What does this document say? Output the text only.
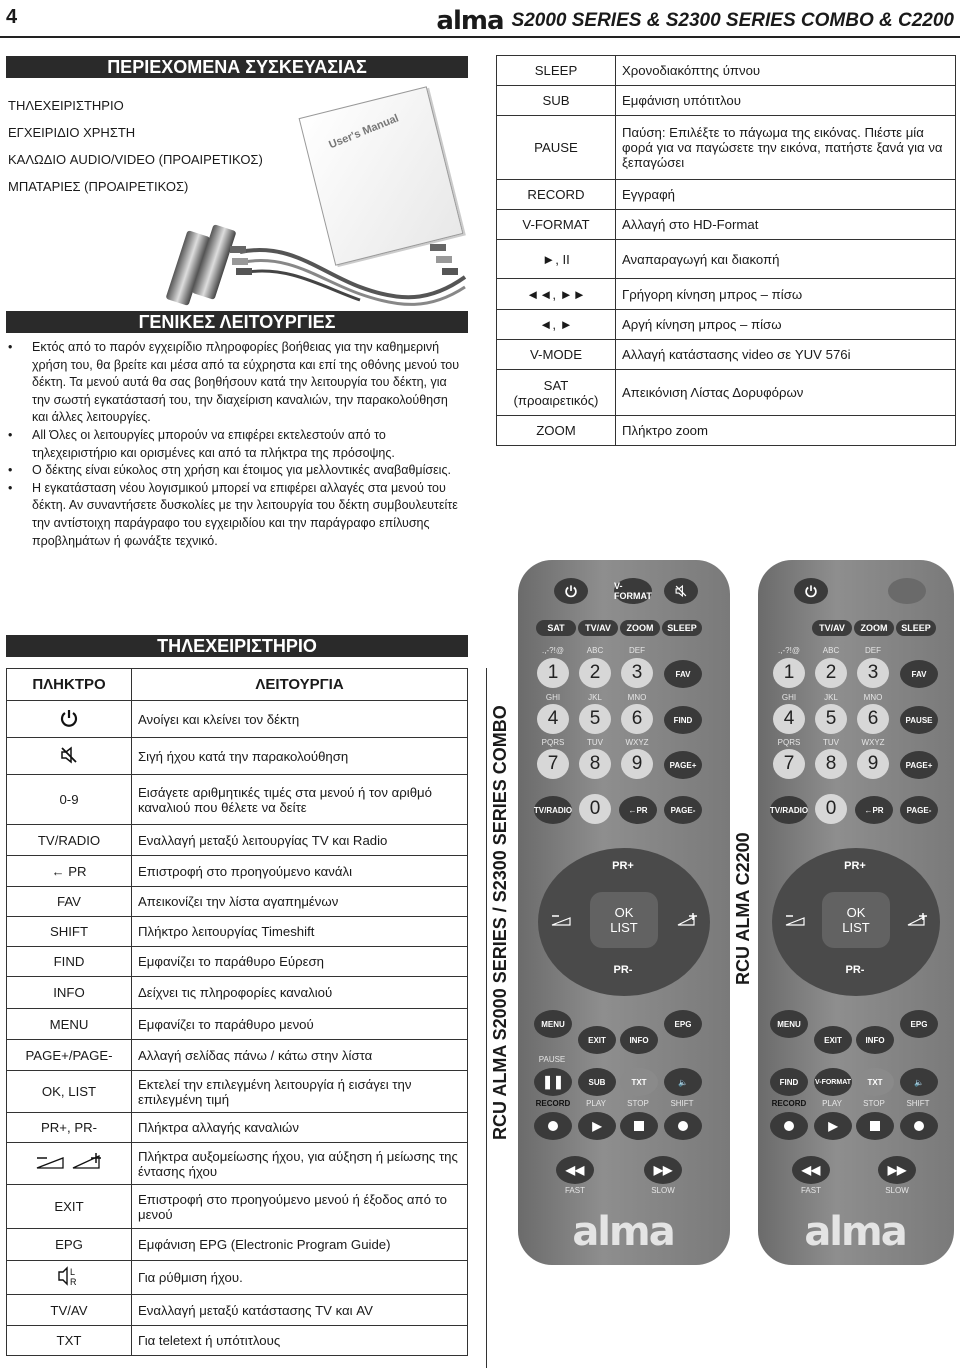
4	alma S2000 SERIES & S2300 SERIES COMBO & C2200
ΠΕΡΙΕΧΟΜΕΝΑ ΣΥΣΚΕΥΑΣΙΑΣ
ΤΗΛΕΧΕΙΡΙΣΤΗΡΙΟ
ΕΓΧΕΙΡΙΔΙΟ ΧΡΗΣΤΗ
ΚΑΛΩΔΙΟ AUDIO/VIDEO (ΠΡΟΑΙΡΕΤΙΚΟΣ)
ΜΠΑΤΑΡΙΕΣ (ΠΡΟΑΙΡΕΤΙΚΟΣ)
User's Manual
ΓΕΝΙΚΕΣ ΛΕΙΤΟΥΡΓΙΕΣ
• Εκτός από το παρόν εγχειρίδιο πληροφορίες βοήθειας για την καθημερινή χρήση του, θα βρείτε και μέσα από τα εύχρηστα και επί της οθόνης μενού του δέκτη. Τα μενού αυτά θα σας βοηθήσουν κατά την λειτουργία του δέκτη, για την σωστή εγκατάστασή του, την διαχείριση καναλιών, την παρακολούθηση και άλλες λειτουργίες.
• All Όλες οι λειτουργίες μπορούν να επιφέρει εκτελεστούν από το τηλεχειριστήριο και ορισμένες και από τα πλήκτρα της πρόσοψης.
• Ο δέκτης είναι εύκολος στη χρήση και έτοιμος για μελλοντικές αναβαθμίσεις.
• Η εγκατάσταση νέου λογισμικού μπορεί να επιφέρει αλλαγές στα μενού του δέκτη. Αν συναντήσετε δυσκολίες με την λειτουργία του δέκτη συμβουλευτείτε την αντίστοιχη παράγραφο του εγχειριδίου και την παράγραφο επίλυσης προβλημάτων ή φωνάξτε τεχνικό.
ΤΗΛΕΧΕΙΡΙΣΤΗΡΙΟ
ΠΛΗΚΤΡΟ	ΛΕΙΤΟΥΡΓΙΑ
	Ανοίγει και κλείνει τον δέκτη
	Σιγή ήχου κατά την παρακολούθηση
0-9	Εισάγετε αριθμητικές τιμές στα μενού ή τον αριθμό καναλιού που θέλετε να δείτε
TV/RADIO	Εναλλαγή μεταξύ λειτουργίας TV και Radio
← PR	Επιστροφή στο προηγούμενο κανάλι
FAV	Απεικονίζει την λίστα αγαπημένων
SHIFT	Πλήκτρο λειτουργίας Timeshift
FIND	Εμφανίζει το παράθυρο Εύρεση
INFO	Δείχνει τις πληροφορίες καναλιού
MENU	Εμφανίζει το παράθυρο μενού
PAGE+/PAGE-	Αλλαγή σελίδας πάνω / κάτω στην λίστα
OK, LIST	Εκτελεί την επιλεγμένη λειτουργία ή εισάγει την επιλεγμένη τιμή
PR+, PR-	Πλήκτρα αλλαγής καναλιών
	Πλήκτρα αυξομείωσης ήχου, για αύξηση ή μείωσης της έντασης ήχου
EXIT	Επιστροφή στο προηγούμενο μενού ή έξοδος από το μενού
EPG	Εμφάνιση EPG (Electronic Program Guide)

L
R	Για ρύθμιση ήχου.
TV/AV	Εναλλαγή μεταξύ κατάστασης TV και AV
TXT	Για teletext ή υπότιτλους
SLEEP	Χρονοδιακόπτης ύπνου
SUB	Εμφάνιση υπότιτλου
PAUSE	Παύση: Επιλέξτε το πάγωμα της εικόνας. Πιέστε μία φορά για να παγώσετε την εικόνα, πατήστε ξανά για να ξεπαγώσει
RECORD	Εγγραφή
V-FORMAT	Αλλαγή στο HD-Format
►, II	Αναπαραγωγή και διακοπή
◄◄, ►►	Γρήγορη κίνηση μπρος – πίσω
◄, ►	Αργή κίνηση μπρος – πίσω
V-MODE	Αλλαγή κατάστασης video σε YUV 576i
SAT (προαιρετικός)	Απεικόνιση Λίστας Δορυφόρων
ZOOM	Πλήκτρο zoom
RCU ALMA S2000 SERIES / S2300 SERIES COMBO	RCU ALMA C2200
V-FORMAT
SAT	TV/AV	ZOOM	SLEEP
.,-?!@	ABC	DEF
1	2	3	FAV
GHI	JKL	MNO
4	5	6	FIND
PQRS	TUV	WXYZ
7	8	9	PAGE+
TV/RADIO 0	←PR	PAGE-
PR+
PR-
OK
LIST
MENU
EXIT	INFO
EPG
PAUSE
❚❚	SUB	TXT	🔈
RECORD	PLAY	STOP	SHIFT
▶
◀◀	▶▶
FAST	SLOW
alma
TV/AV	ZOOM	SLEEP
.,-?!@	ABC	DEF
1	2	3	FAV
GHI	JKL	MNO
4	5	6	PAUSE
PQRS	TUV	WXYZ
7	8	9	PAGE+
TV/RADIO 0	←PR	PAGE-
PR+
PR-
OK
LIST
MENU
EXIT	INFO
EPG
FIND	V-FORMAT	TXT	🔈
RECORD	PLAY	STOP	SHIFT
▶
◀◀	▶▶
FAST	SLOW
alma
